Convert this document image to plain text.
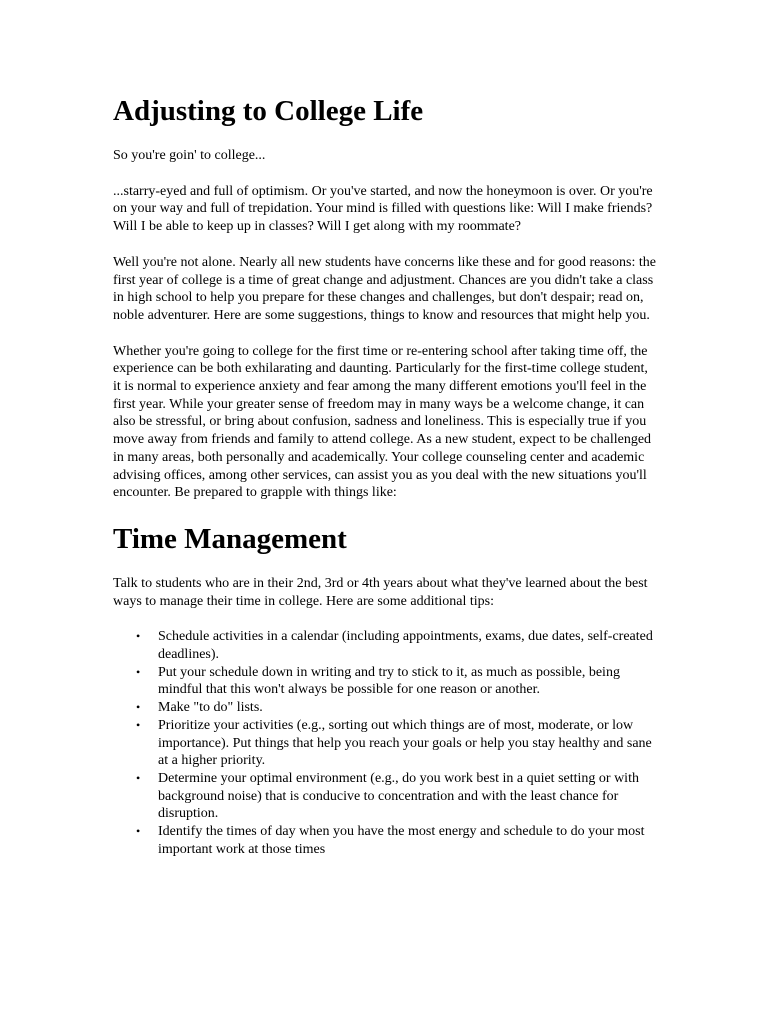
Adjusting to College Life

So you're goin' to college...

...starry-eyed and full of optimism. Or you've started, and now the honeymoon is over. Or you're on your way and full of trepidation. Your mind is filled with questions like: Will I make friends? Will I be able to keep up in classes? Will I get along with my roommate?

Well you're not alone. Nearly all new students have concerns like these and for good reasons: the first year of college is a time of great change and adjustment. Chances are you didn't take a class in high school to help you prepare for these changes and challenges, but don't despair; read on, noble adventurer. Here are some suggestions, things to know and resources that might help you.

Whether you're going to college for the first time or re-entering school after taking time off, the experience can be both exhilarating and daunting. Particularly for the first-time college student, it is normal to experience anxiety and fear among the many different emotions you'll feel in the first year. While your greater sense of freedom may in many ways be a welcome change, it can also be stressful, or bring about confusion, sadness and loneliness. This is especially true if you move away from friends and family to attend college. As a new student, expect to be challenged in many areas, both personally and academically. Your college counseling center and academic advising offices, among other services, can assist you as you deal with the new situations you'll encounter. Be prepared to grapple with things like:

Time Management

Talk to students who are in their 2nd, 3rd or 4th years about what they've learned about the best ways to manage their time in college. Here are some additional tips:

• Schedule activities in a calendar (including appointments, exams, due dates, self-created deadlines).
• Put your schedule down in writing and try to stick to it, as much as possible, being mindful that this won't always be possible for one reason or another.
• Make "to do" lists.
• Prioritize your activities (e.g., sorting out which things are of most, moderate, or low importance). Put things that help you reach your goals or help you stay healthy and sane at a higher priority.
• Determine your optimal environment (e.g., do you work best in a quiet setting or with background noise) that is conducive to concentration and with the least chance for disruption.
• Identify the times of day when you have the most energy and schedule to do your most important work at those times
